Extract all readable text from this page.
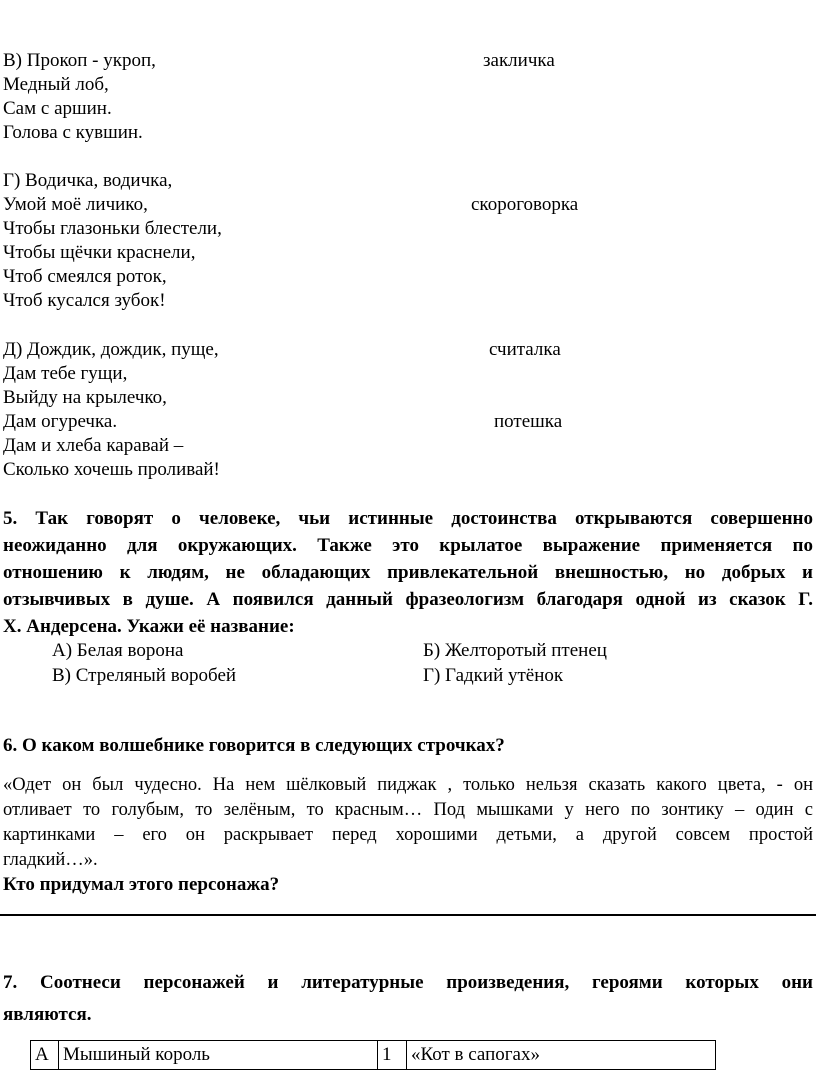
В) Прокоп - укроп,
Медный лоб,
Сам с аршин.
Голова с кувшин.
закличка
Г) Водичка, водичка,
Умой моё личико,
Чтобы глазоньки блестели,
Чтобы щёчки краснели,
Чтоб смеялся роток,
Чтоб кусался зубок!
скороговорка
Д) Дождик, дождик, пуще,
Дам тебе гущи,
Выйду на крылечко,
Дам огуречка.
Дам и хлеба каравай –
Сколько хочешь проливай!
считалка
потешка
5. Так говорят о человеке, чьи истинные достоинства открываются совершенно
неожиданно для окружающих. Также это крылатое выражение применяется по
отношению к людям, не обладающих привлекательной внешностью, но добрых и
отзывчивых в душе. А появился данный фразеологизм благодаря одной из сказок Г.
Х. Андерсена. Укажи её название:
А) Белая ворона	Б) Желторотый птенец
В) Стреляный воробей	Г) Гадкий утёнок
6. О каком волшебнике говорится в следующих строчках?
«Одет он был чудесно. На нем шёлковый пиджак , только нельзя сказать какого цвета, - он
отливает то голубым, то зелёным, то красным… Под мышками у него по зонтику – один с
картинками – его он раскрывает перед хорошими детьми, а другой совсем простой
гладкий…».
Кто придумал этого персонажа?
7. Соотнеси персонажей и литературные произведения, героями которых они
являются.
А	Мышиный король	1	«Кот в сапогах»
